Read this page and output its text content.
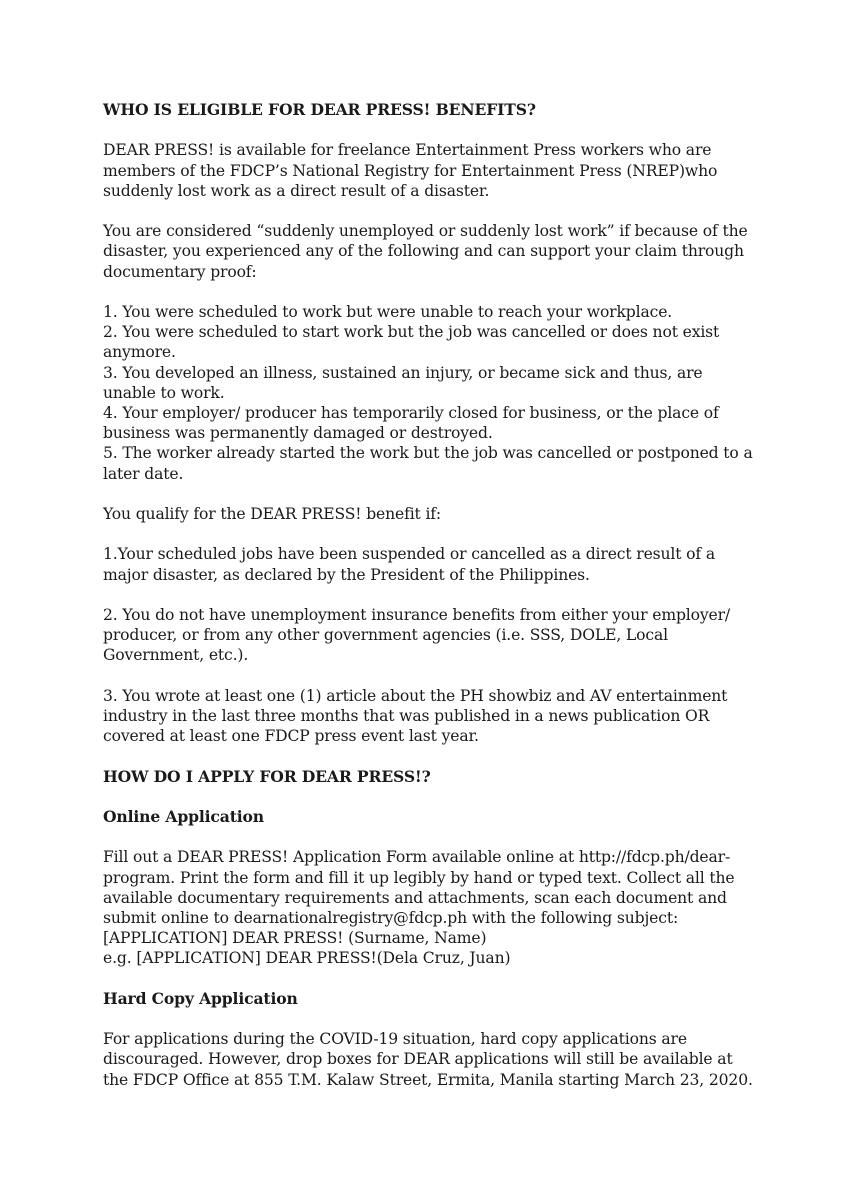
WHO IS ELIGIBLE FOR DEAR PRESS! BENEFITS?

DEAR PRESS! is available for freelance Entertainment Press workers who are members of the FDCP’s National Registry for Entertainment Press (NREP)who suddenly lost work as a direct result of a disaster.

You are considered “suddenly unemployed or suddenly lost work” if because of the disaster, you experienced any of the following and can support your claim through documentary proof:

1. You were scheduled to work but were unable to reach your workplace.

2. You were scheduled to start work but the job was cancelled or does not exist anymore.

3. You developed an illness, sustained an injury, or became sick and thus, are unable to work.

4. Your employer/ producer has temporarily closed for business, or the place of business was permanently damaged or destroyed.

5. The worker already started the work but the job was cancelled or postponed to a later date.

You qualify for the DEAR PRESS! benefit if:

1.Your scheduled jobs have been suspended or cancelled as a direct result of a major disaster, as declared by the President of the Philippines.

2. You do not have unemployment insurance benefits from either your employer/ producer, or from any other government agencies (i.e. SSS, DOLE, Local Government, etc.).

3. You wrote at least one (1) article about the PH showbiz and AV entertainment industry in the last three months that was published in a news publication OR covered at least one FDCP press event last year.

HOW DO I APPLY FOR DEAR PRESS!?

Online Application

Fill out a DEAR PRESS! Application Form available online at http://fdcp.ph/dear-program. Print the form and fill it up legibly by hand or typed text. Collect all the available documentary requirements and attachments, scan each document and submit online to dearnationalregistry@fdcp.ph with the following subject:

[APPLICATION] DEAR PRESS! (Surname, Name)

e.g. [APPLICATION] DEAR PRESS!(Dela Cruz, Juan)

Hard Copy Application

For applications during the COVID-19 situation, hard copy applications are discouraged. However, drop boxes for DEAR applications will still be available at the FDCP Office at 855 T.M. Kalaw Street, Ermita, Manila starting March 23, 2020.
